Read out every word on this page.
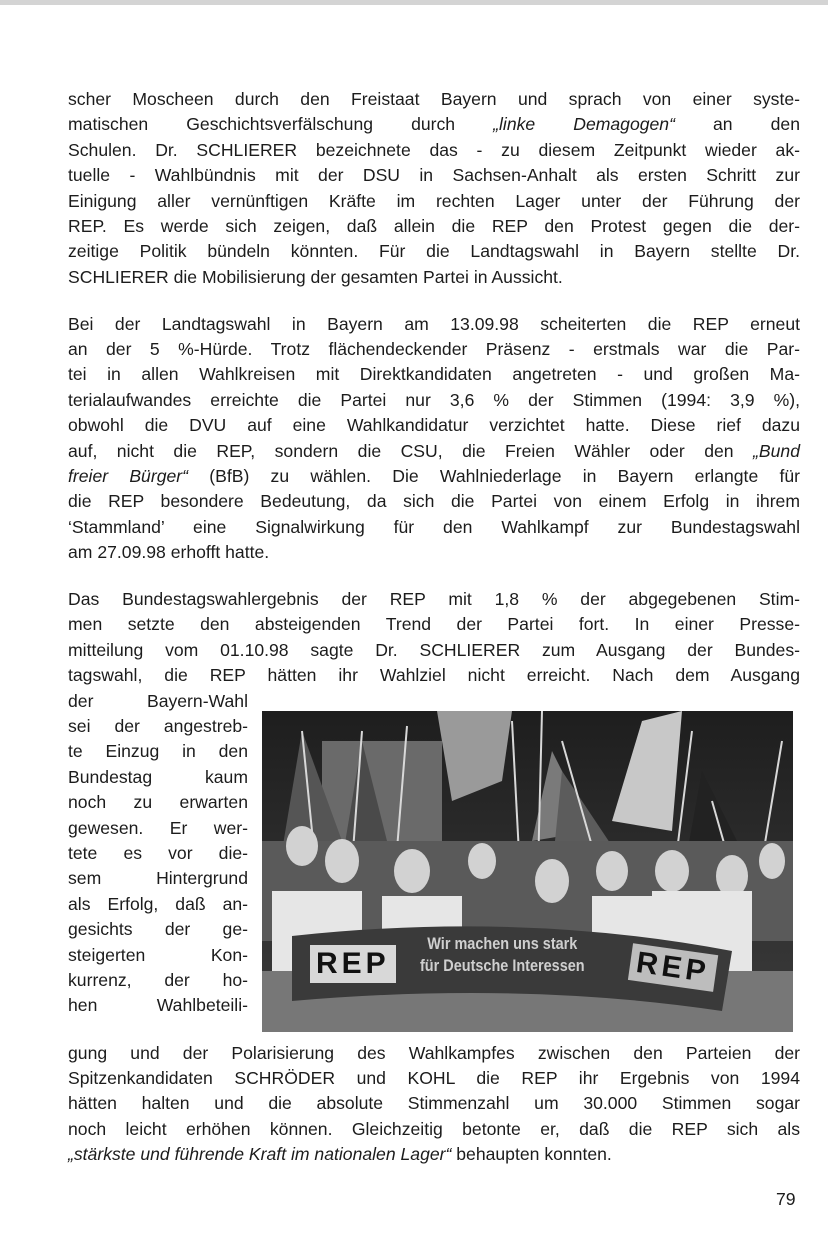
scher Moscheen durch den Freistaat Bayern und sprach von einer syste-
matischen Geschichtsverfälschung durch „linke Demagogen“ an den
Schulen. Dr. SCHLIERER bezeichnete das - zu diesem Zeitpunkt wieder ak-
tuelle - Wahlbündnis mit der DSU in Sachsen-Anhalt als ersten Schritt zur
Einigung aller vernünftigen Kräfte im rechten Lager unter der Führung der
REP. Es werde sich zeigen, daß allein die REP den Protest gegen die der-
zeitige Politik bündeln könnten. Für die Landtagswahl in Bayern stellte Dr.
SCHLIERER die Mobilisierung der gesamten Partei in Aussicht.
Bei der Landtagswahl in Bayern am 13.09.98 scheiterten die REP erneut
an der 5 %-Hürde. Trotz flächendeckender Präsenz - erstmals war die Par-
tei in allen Wahlkreisen mit Direktkandidaten angetreten - und großen Ma-
terialaufwandes erreichte die Partei nur 3,6 % der Stimmen (1994: 3,9 %),
obwohl die DVU auf eine Wahlkandidatur verzichtet hatte. Diese rief dazu
auf, nicht die REP, sondern die CSU, die Freien Wähler oder den „Bund
freier Bürger“ (BfB) zu wählen. Die Wahlniederlage in Bayern erlangte für
die REP besondere Bedeutung, da sich die Partei von einem Erfolg in ihrem
‘Stammland’ eine Signalwirkung für den Wahlkampf zur Bundestagswahl
am 27.09.98 erhofft hatte.
Das Bundestagswahlergebnis der REP mit 1,8 % der abgegebenen Stim-
men setzte den absteigenden Trend der Partei fort. In einer Presse-
mitteilung vom 01.10.98 sagte Dr. SCHLIERER zum Ausgang der Bundes-
tagswahl, die REP hätten ihr Wahlziel nicht erreicht. Nach dem Ausgang
der Bayern-Wahl
sei der angestreb-
te Einzug in den
Bundestag kaum
noch zu erwarten
gewesen. Er wer-
tete es vor die-
sem Hintergrund
als Erfolg, daß an-
gesichts der ge-
steigerten Kon-
kurrenz, der ho-
hen Wahlbeteili-
gung und der Polarisierung des Wahlkampfes zwischen den Parteien der
Spitzenkandidaten SCHRÖDER und KOHL die REP ihr Ergebnis von 1994
hätten halten und die absolute Stimmenzahl um 30.000 Stimmen sogar
noch leicht erhöhen können. Gleichzeitig betonte er, daß die REP sich als
„stärkste und führende Kraft im nationalen Lager“ behaupten konnten.
REP
Wir machen uns stark
für Deutsche Interessen REP
79
